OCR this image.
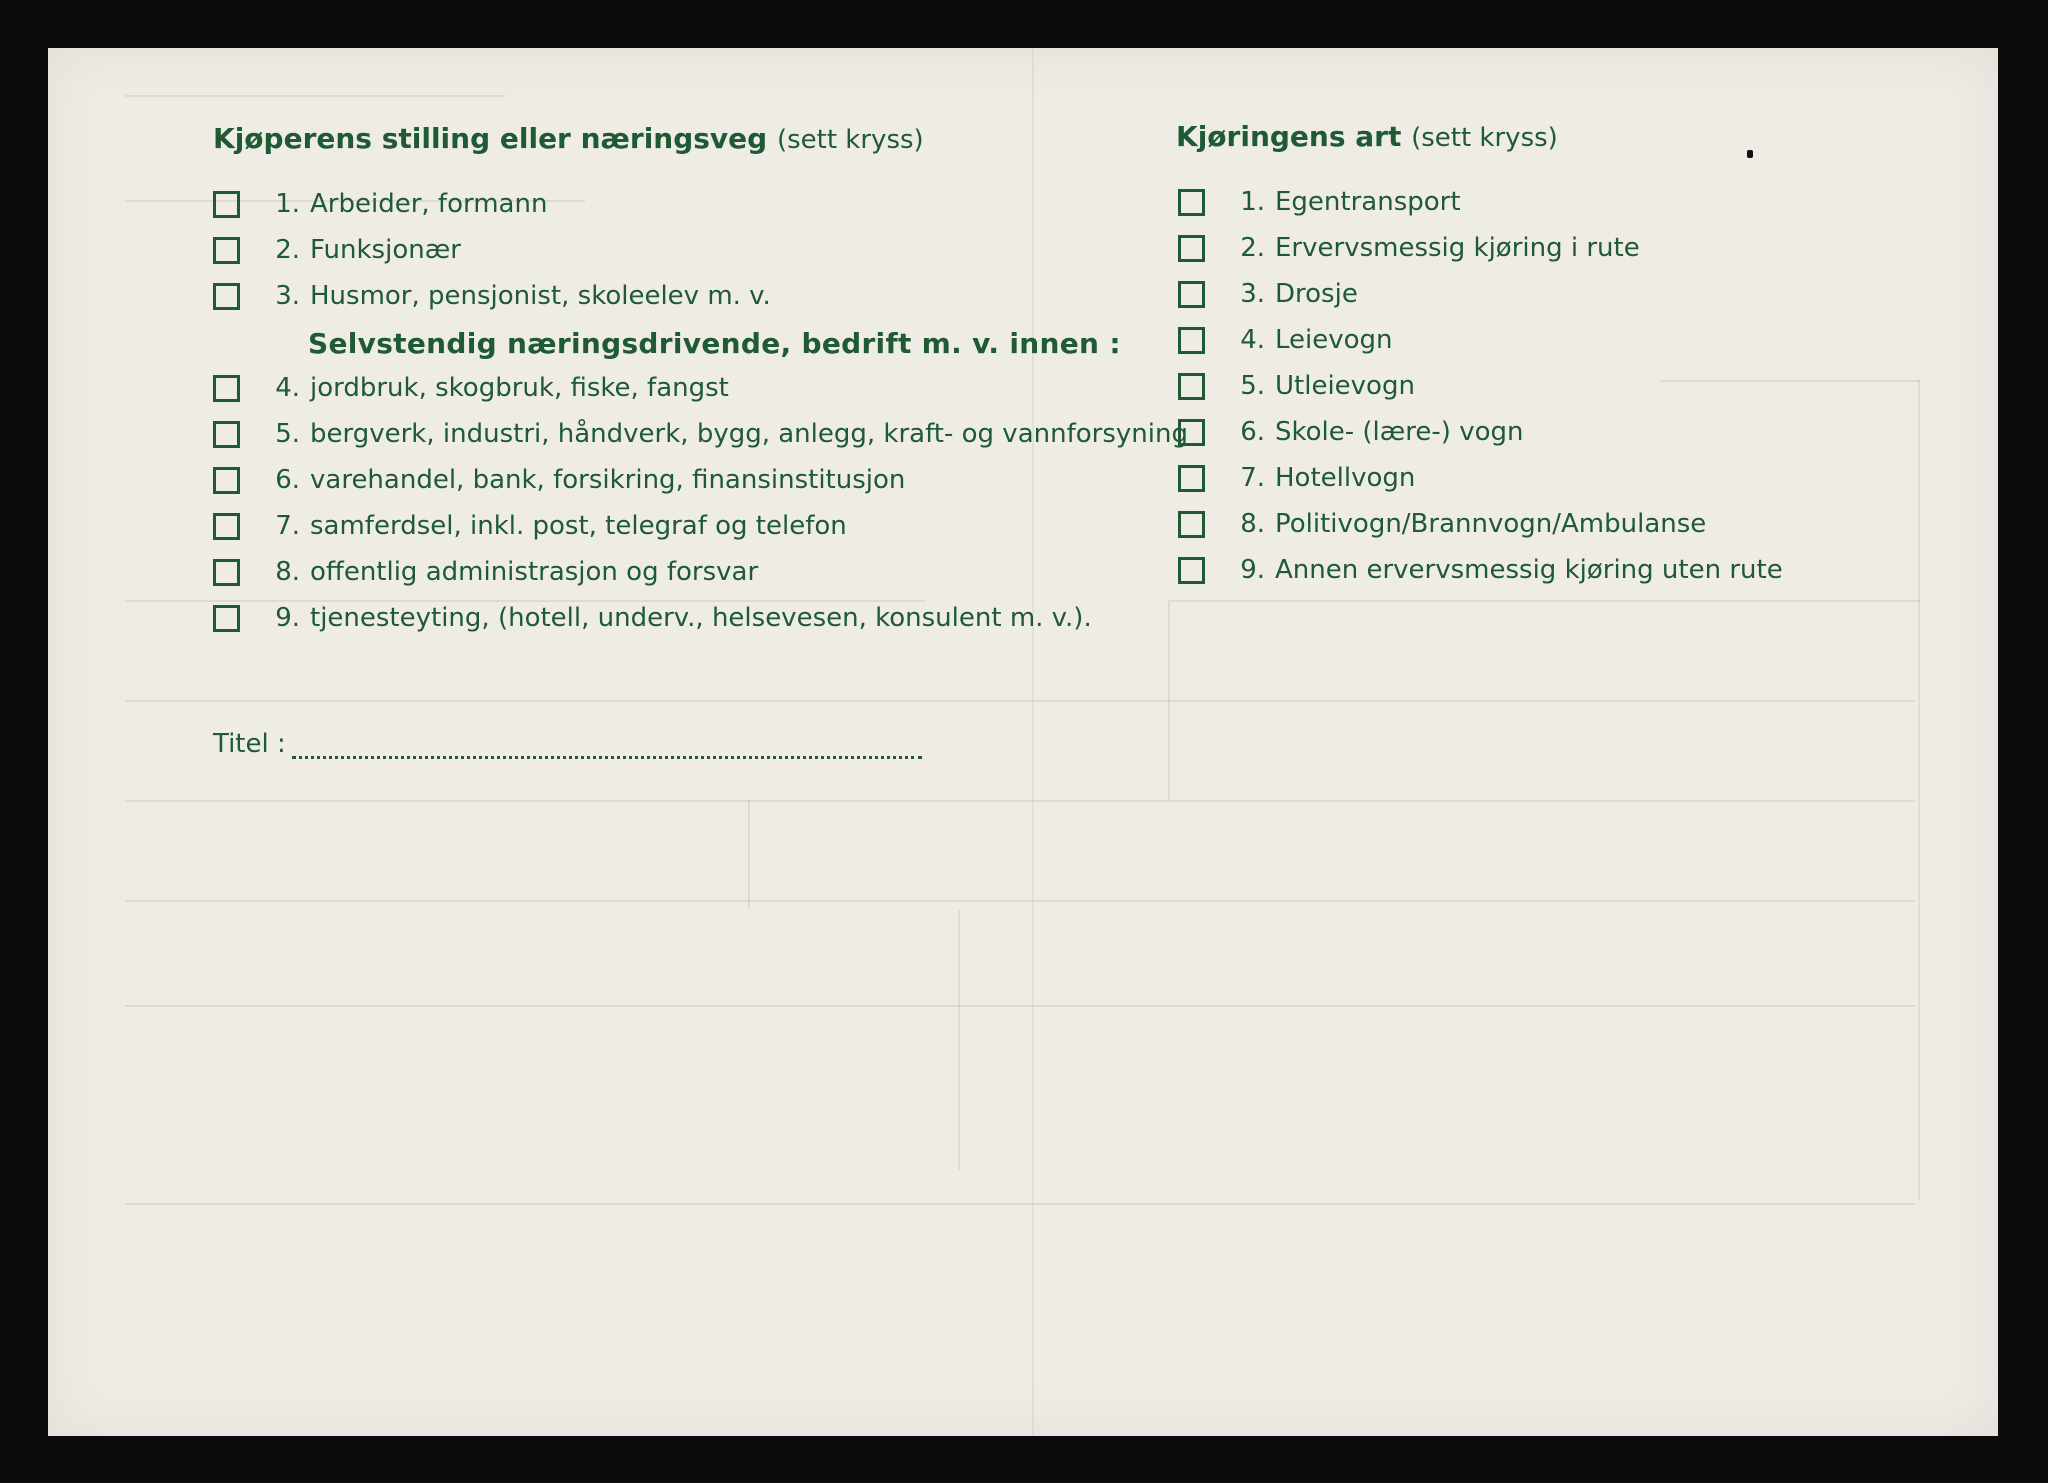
Kjøperens stilling eller næringsveg (sett kryss)
1. Arbeider, formann
2. Funksjonær
3. Husmor, pensjonist, skoleelev m. v.
Selvstendig næringsdrivende, bedrift m. v. innen :
4. jordbruk, skogbruk, fiske, fangst
5. bergverk, industri, håndverk, bygg, anlegg, kraft- og vannforsyning
6. varehandel, bank, forsikring, finansinstitusjon
7. samferdsel, inkl. post, telegraf og telefon
8. offentlig administrasjon og forsvar
9. tjenesteyting, (hotell, underv., helsevesen, konsulent m. v.).
Titel :
Kjøringens art (sett kryss)
1. Egentransport
2. Ervervsmessig kjøring i rute
3. Drosje
4. Leievogn
5. Utleievogn
6. Skole- (lære-) vogn
7. Hotellvogn
8. Politivogn/Brannvogn/Ambulanse
9. Annen ervervsmessig kjøring uten rute
